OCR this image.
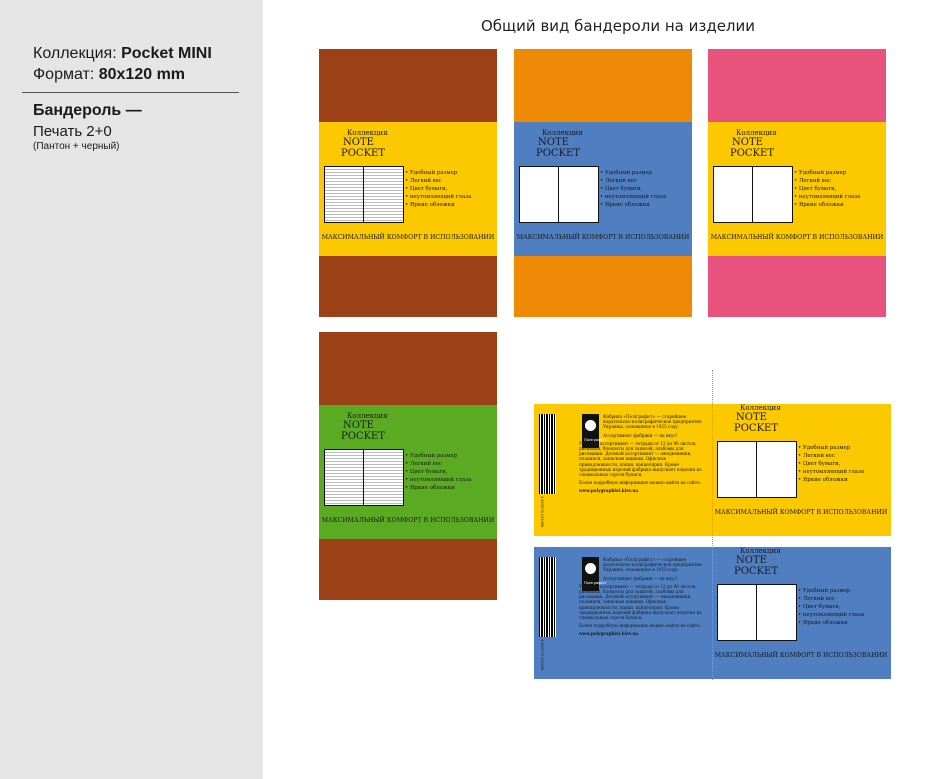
Коллекция: Pocket MINI
Формат: 80x120 mm
Бандероль —
Печать 2+0
(Пантон + черный)
Общий вид бандероли на изделии
Коллекция
NOTE
POCKET
• Удобный размер
• Легкий вес
• Цвет бумаги,
• неутомляющий глаза
• Яркие обложки
МАКСИМАЛЬНЫЙ КОМФОРТ В ИСПОЛЬЗОВАНИИ
Коллекция
NOTE
POCKET
• Удобный размер
• Легкий вес
• Цвет бумаги,
• неутомляющий глаза
• Яркие обложки
МАКСИМАЛЬНЫЙ КОМФОРТ В ИСПОЛЬЗОВАНИИ
Коллекция
NOTE
POCKET
• Удобный размер
• Легкий вес
• Цвет бумаги,
• неутомляющий глаза
• Яркие обложки
МАКСИМАЛЬНЫЙ КОМФОРТ В ИСПОЛЬЗОВАНИИ
Коллекция
NOTE
POCKET
• Удобный размер
• Легкий вес
• Цвет бумаги,
• неутомляющий глаза
• Яркие обложки
МАКСИМАЛЬНЫЙ КОМФОРТ В ИСПОЛЬЗОВАНИИ	4 823076 123456
Поліграфіст

Фабрика «Поліграфіст» — старейшее издательско-полиграфическое предприятие Украины, основанное в 1923 году.

Ассортимент фабрики — на вкус!

Учебный ассортимент — тетради от 12 до 96 листов, дневники, блокноты для записей, альбомы для рисования. Деловой ассортимент — ежедневники, планинги, записные книжки. Офисные принадлежности, папки, канцелярия. Кроме традиционных изделий фабрика выпускает изделия из специальных сортов бумаги.

Более подробную информацию можно найти на сайте:

www.polygraphist.kiev.ua

Коллекция
NOTE
POCKET
• Удобный размер
• Легкий вес
• Цвет бумаги,
• неутомляющий глаза
• Яркие обложки
МАКСИМАЛЬНЫЙ КОМФОРТ В ИСПОЛЬЗОВАНИИ
4 823076 123456
Поліграфіст

Фабрика «Поліграфіст» — старейшее издательско-полиграфическое предприятие Украины, основанное в 1923 году.

Ассортимент фабрики — на вкус!

Учебный ассортимент — тетради от 12 до 96 листов, дневники, блокноты для записей, альбомы для рисования. Деловой ассортимент — ежедневники, планинги, записные книжки. Офисные принадлежности, папки, канцелярия. Кроме традиционных изделий фабрика выпускает изделия из специальных сортов бумаги.

Более подробную информацию можно найти на сайте:

www.polygraphist.kiev.ua

Коллекция
NOTE
POCKET
• Удобный размер
• Легкий вес
• Цвет бумаги,
• неутомляющий глаза
• Яркие обложки
МАКСИМАЛЬНЫЙ КОМФОРТ В ИСПОЛЬЗОВАНИИ
